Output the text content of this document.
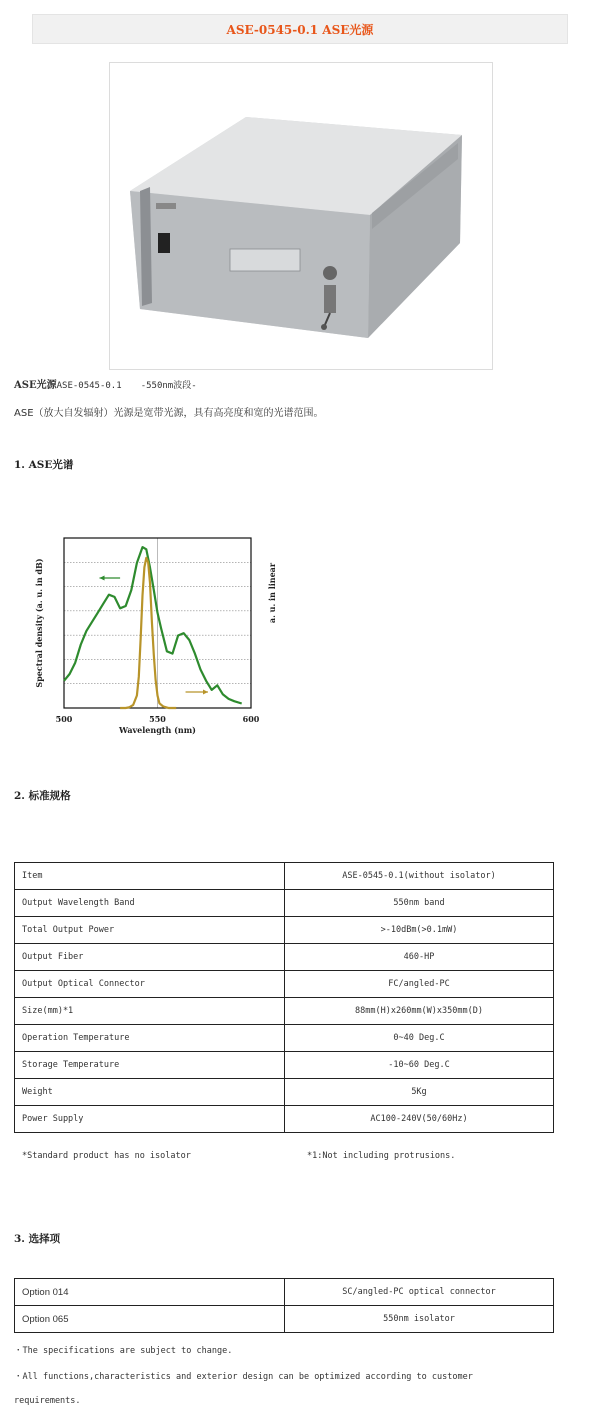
ASE-0545-0.1 ASE光源
ASE光源ASE-0545-0.1 -550nm波段-
ASE（放大自发辐射）光源是宽带光源，具有高亮度和宽的光谱范围。
1. ASE光谱
500	550	600
Wavelength (nm)
Spectral density (a. u. in dB)	a. u. in linear
2. 标准规格
Item	ASE-0545-0.1(without isolator)
Output Wavelength Band	550nm band
Total Output Power	>-10dBm(>0.1mW)
Output Fiber	460-HP
Output Optical Connector	FC/angled-PC
Size(mm)*1	88mm(H)x260mm(W)x350mm(D)
Operation Temperature	0~40 Deg.C
Storage Temperature	-10~60 Deg.C
Weight	5Kg
Power Supply	AC100-240V(50/60Hz)
*Standard product has no isolator	*1:Not including protrusions.
3. 选择项
Option 014	SC/angled-PC optical connector
Option 065	550nm isolator
・The specifications are subject to change.
・All functions,characteristics and exterior design can be optimized according to customer
requirements.
